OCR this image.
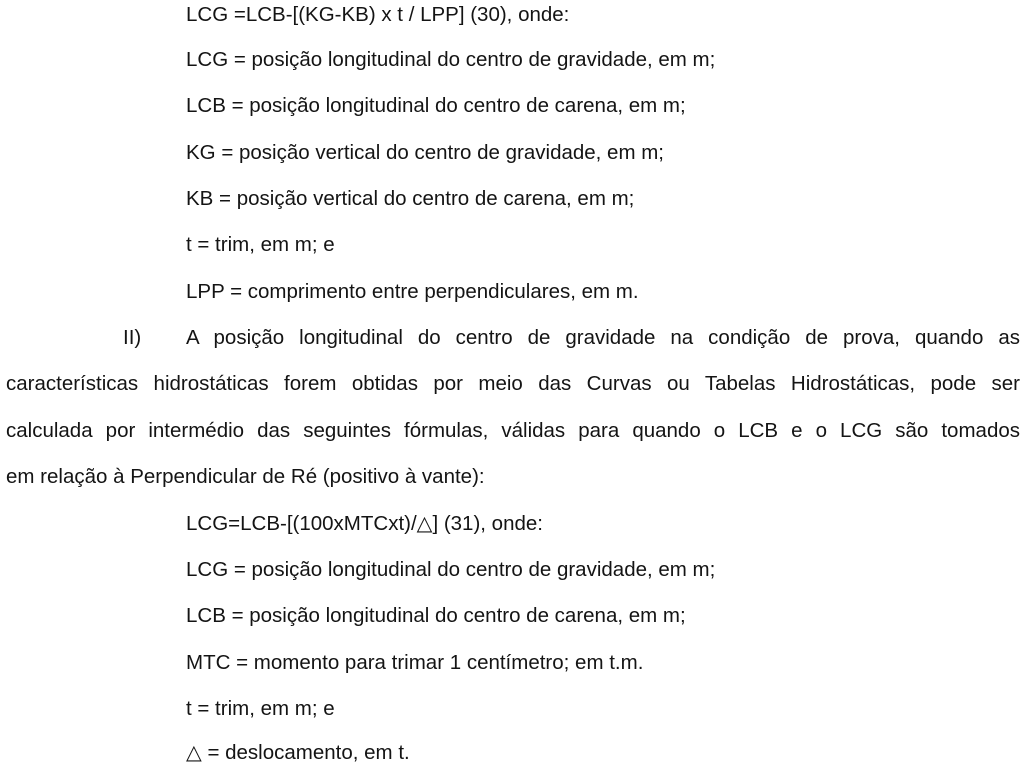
LCG =LCB-[(KG-KB) x t / LPP] (30), onde:
LCG = posição longitudinal do centro de gravidade, em m;
LCB = posição longitudinal do centro de carena, em m;
KG = posição vertical do centro de gravidade, em m;
KB = posição vertical do centro de carena, em m;
t = trim, em m; e
LPP = comprimento entre perpendiculares, em m.
II) A posição longitudinal do centro de gravidade na condição de prova, quando as
características hidrostáticas forem obtidas por meio das Curvas ou Tabelas Hidrostáticas, pode ser
calculada por intermédio das seguintes fórmulas, válidas para quando o LCB e o LCG são tomados
em relação à Perpendicular de Ré (positivo à vante):
LCG=LCB-[(100xMTCxt)/△] (31), onde:
LCG = posição longitudinal do centro de gravidade, em m;
LCB = posição longitudinal do centro de carena, em m;
MTC = momento para trimar 1 centímetro; em t.m.
t = trim, em m; e
△ = deslocamento, em t.
